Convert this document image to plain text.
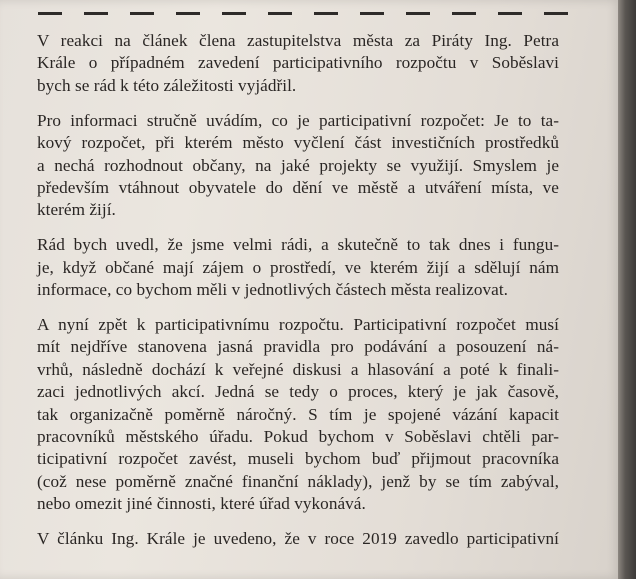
V reakci na článek člena zastupitelstva města za Piráty Ing. Petra
Krále o případném zavedení participativního rozpočtu v Soběslavi
bych se rád k této záležitosti vyjádřil.

Pro informaci stručně uvádím, co je participativní rozpočet: Je to ta-
kový rozpočet, při kterém město vyčlení část investičních prostředků
a nechá rozhodnout občany, na jaké projekty se využijí. Smyslem je
především vtáhnout obyvatele do dění ve městě a utváření místa, ve
kterém žijí.

Rád bych uvedl, že jsme velmi rádi, a skutečně to tak dnes i fungu-
je, když občané mají zájem o prostředí, ve kterém žijí a sdělují nám
informace, co bychom měli v jednotlivých částech města realizovat.

A nyní zpět k participativnímu rozpočtu. Participativní rozpočet musí
mít nejdříve stanovena jasná pravidla pro podávání a posouzení ná-
vrhů, následně dochází k veřejné diskusi a hlasování a poté k finali-
zaci jednotlivých akcí. Jedná se tedy o proces, který je jak časově,
tak organizačně poměrně náročný. S tím je spojené vázání kapacit
pracovníků městského úřadu. Pokud bychom v Soběslavi chtěli par-
ticipativní rozpočet zavést, museli bychom buď přijmout pracovníka
(což nese poměrně značné finanční náklady), jenž by se tím zabýval,
nebo omezit jiné činnosti, které úřad vykonává.

V článku Ing. Krále je uvedeno, že v roce 2019 zavedlo participativní
